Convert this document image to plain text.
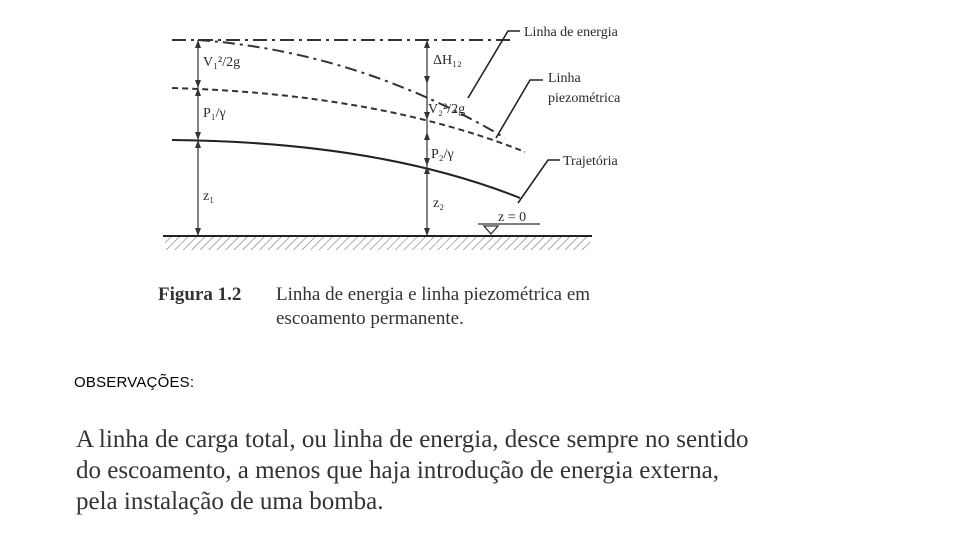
Linha de energia
Linha
piezométrica
Trajetória
V₁²/2g
P₁/γ
z₁
ΔH₁₂
V₂²/2g
P₂/γ
z₂
z = 0
Figura 1.2 Linha de energia e linha piezométrica em escoamento permanente.
OBSERVAÇÕES:
A linha de carga total, ou linha de energia, desce sempre no sentido do escoamento, a menos que haja introdução de energia externa, pela instalação de uma bomba.
